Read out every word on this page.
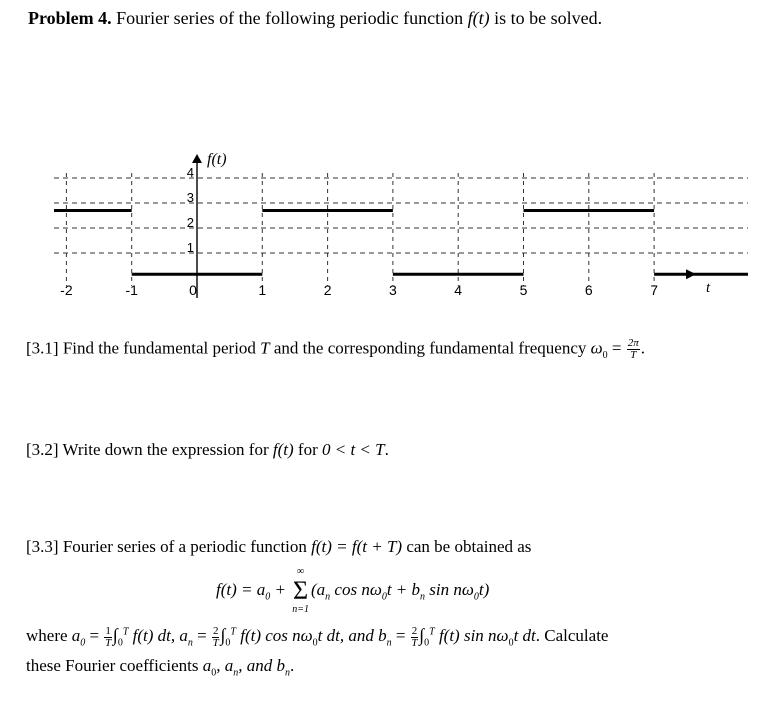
Problem 4. Fourier series of the following periodic function f(t) is to be solved.
f(t)
1
2
3
4
-2	-1	0	1	2	3	4	5	6	7	t
[3.1] Find the fundamental period T and the corresponding fundamental frequency $\omega_0 = \frac{2\pi}{T}$ .
[3.2] Write down the expression for f(t) for 0 < t < T.
[3.3] Fourier series of a periodic function f(t) = f(t + T) can be obtained as
$f(t) = a_0$ +
∞
Σ
n=1
($a_n$ $\cos n\omega_0t + b_n$ $\sin n\omega_0t$)
where $a_0 = \frac{1}{T} \int_0^T$ f(t) dt, $a_n = \frac{2}{T} \int_0^T$ f(t) $\cos n\omega_0t$ dt, and $b_n = \frac{2}{T} \int_0^T$ f(t) $\sin n\omega_0t$ dt. Calculate
these Fourier coefficients $a_0$, $a_n$, and $b_n$.
